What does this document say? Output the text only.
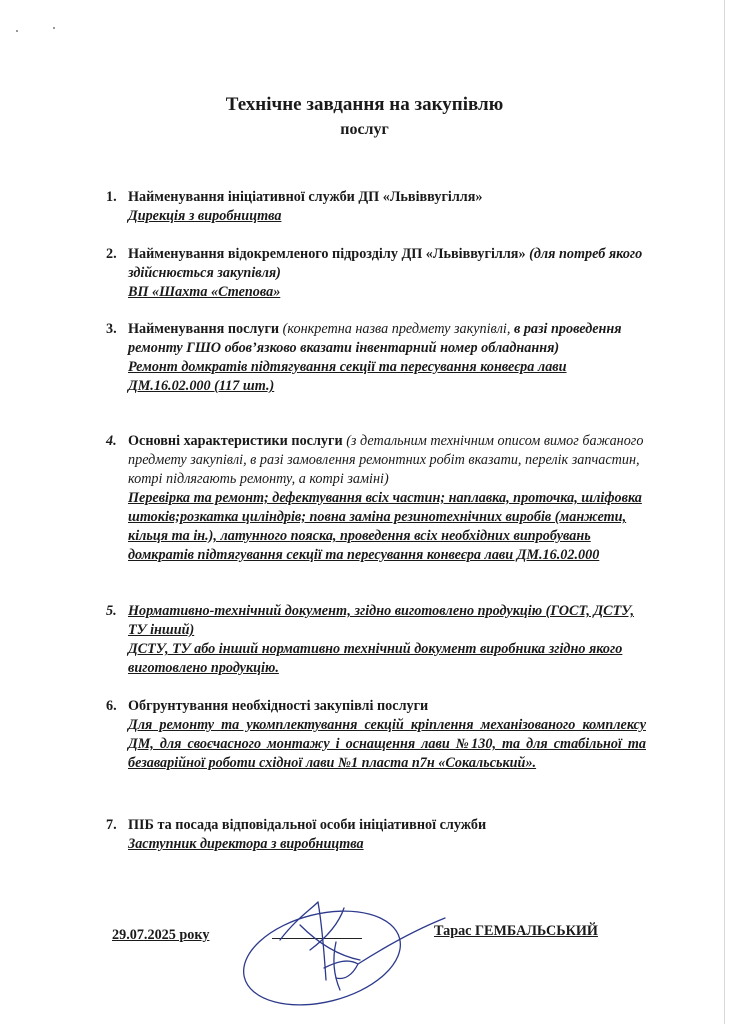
Технічне завдання на закупівлю
послуг
1. Найменування ініціативної служби ДП «Львіввугілля»
Дирекція з виробництва
2. Найменування відокремленого підрозділу ДП «Львіввугілля» (для потреб якого здійснюється закупівля)
ВП «Шахта «Степова»
3. Найменування послуги (конкретна назва предмету закупівлі, в разі проведення ремонту ГШО обов’язково вказати інвентарний номер обладнання)
Ремонт домкратів підтягування секції та пересування конвеєра лави ДМ.16.02.000 (117 шт.)
4. Основні характеристики послуги (з детальним технічним описом вимог бажаного предмету закупівлі, в разі замовлення ремонтних робіт вказати, перелік запчастин, котрі підлягають ремонту, а котрі заміні)
Перевірка та ремонт; дефектування всіх частин; наплавка, проточка, шліфовка штоків;розкатка циліндрів; повна заміна резинотехнічних виробів (манжети, кільця та ін.), латунного пояска, проведення всіх необхідних випробувань домкратів підтягування секції та пересування конвеєра лави ДМ.16.02.000
5. Нормативно-технічний документ, згідно виготовлено продукцію (ГОСТ, ДСТУ, ТУ інший)
ДСТУ, ТУ або інший нормативно технічний документ виробника згідно якого виготовлено продукцію.
6. Обгрунтування необхідності закупівлі послуги
Для ремонту та укомплектування секцій кріплення механізованого комплексу ДМ, для своєчасного монтажу і оснащення лави №130, та для стабільної та безаварійної роботи східної лави №1 пласта п7н «Сокальський».
7. ПІБ та посада відповідальної особи ініціативної служби
Заступник директора з виробництва
29.07.2025 року	Тарас ГЕМБАЛЬСЬКИЙ
